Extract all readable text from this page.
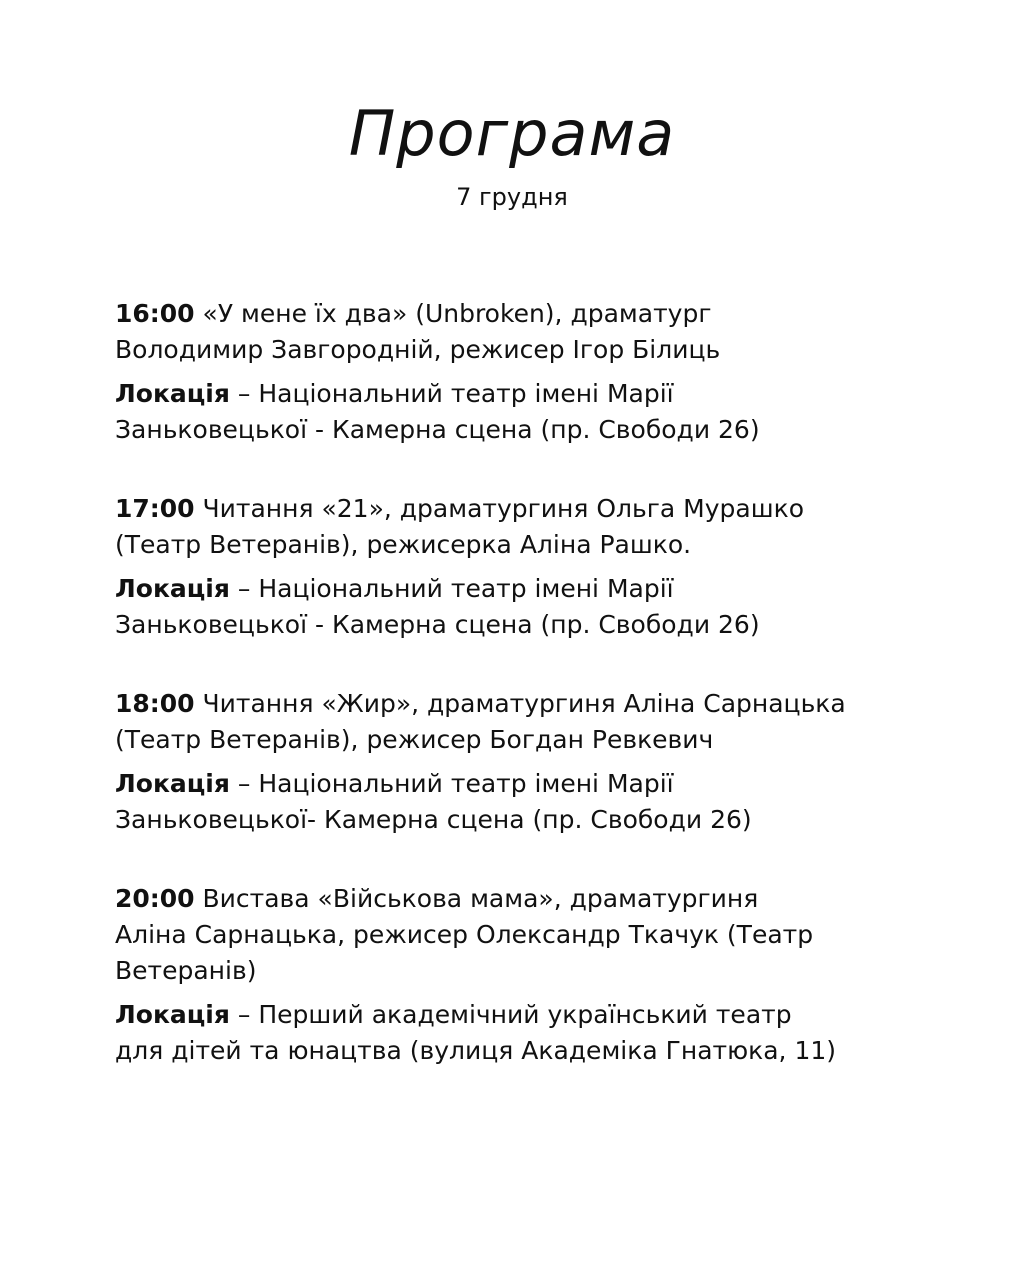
Програма
7 грудня

16:00 «У мене їх два» (Unbroken), драматург
Володимир Завгородній, режисер Ігор Білиць

Локація – Національний театр імені Марії
Заньковецької - Камерна сцена (пр. Свободи 26)

17:00 Читання «21», драматургиня Ольга Мурашко
(Театр Ветеранів), режисерка Аліна Рашко.

Локація – Національний театр імені Марії
Заньковецької - Камерна сцена (пр. Свободи 26)

18:00 Читання «Жир», драматургиня Аліна Сарнацька
(Театр Ветеранів), режисер Богдан Ревкевич

Локація – Національний театр імені Марії
Заньковецької- Камерна сцена (пр. Свободи 26)

20:00 Вистава «Військова мама», драматургиня
Аліна Сарнацька, режисер Олександр Ткачук (Театр
Ветеранів)

Локація – Перший академічний український театр
для дітей та юнацтва (вулиця Академіка Гнатюка, 11)
